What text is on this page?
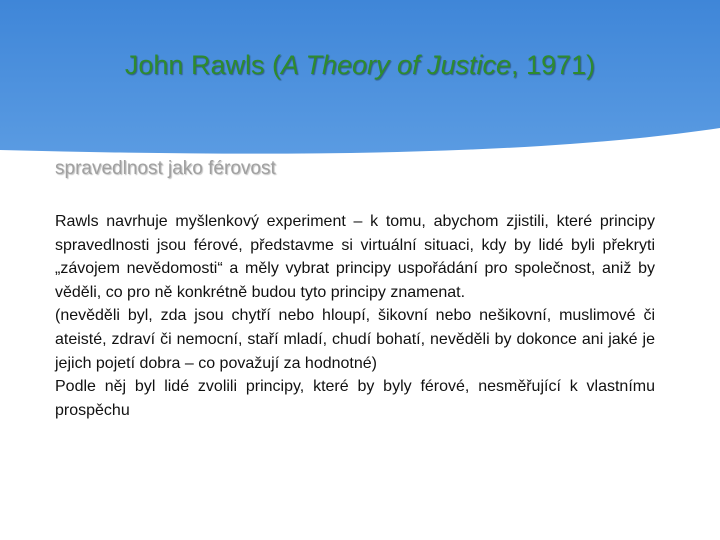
John Rawls (A Theory of Justice, 1971)
spravedlnost jako férovost

Rawls navrhuje myšlenkový experiment – k tomu, abychom zjistili, které principy spravedlnosti jsou férové, představme si virtuální situaci, kdy by lidé byli překryti „závojem nevědomosti“ a měly vybrat principy uspořádání pro společnost, aniž by věděli, co pro ně konkrétně budou tyto principy znamenat.

(nevěděli byl, zda jsou chytří nebo hloupí, šikovní nebo nešikovní, muslimové či ateisté, zdraví či nemocní, staří mladí, chudí bohatí, nevěděli by dokonce ani jaké je jejich pojetí dobra – co považují za hodnotné)

Podle něj byl lidé zvolili principy, které by byly férové, nesměřující k vlastnímu prospěchu
